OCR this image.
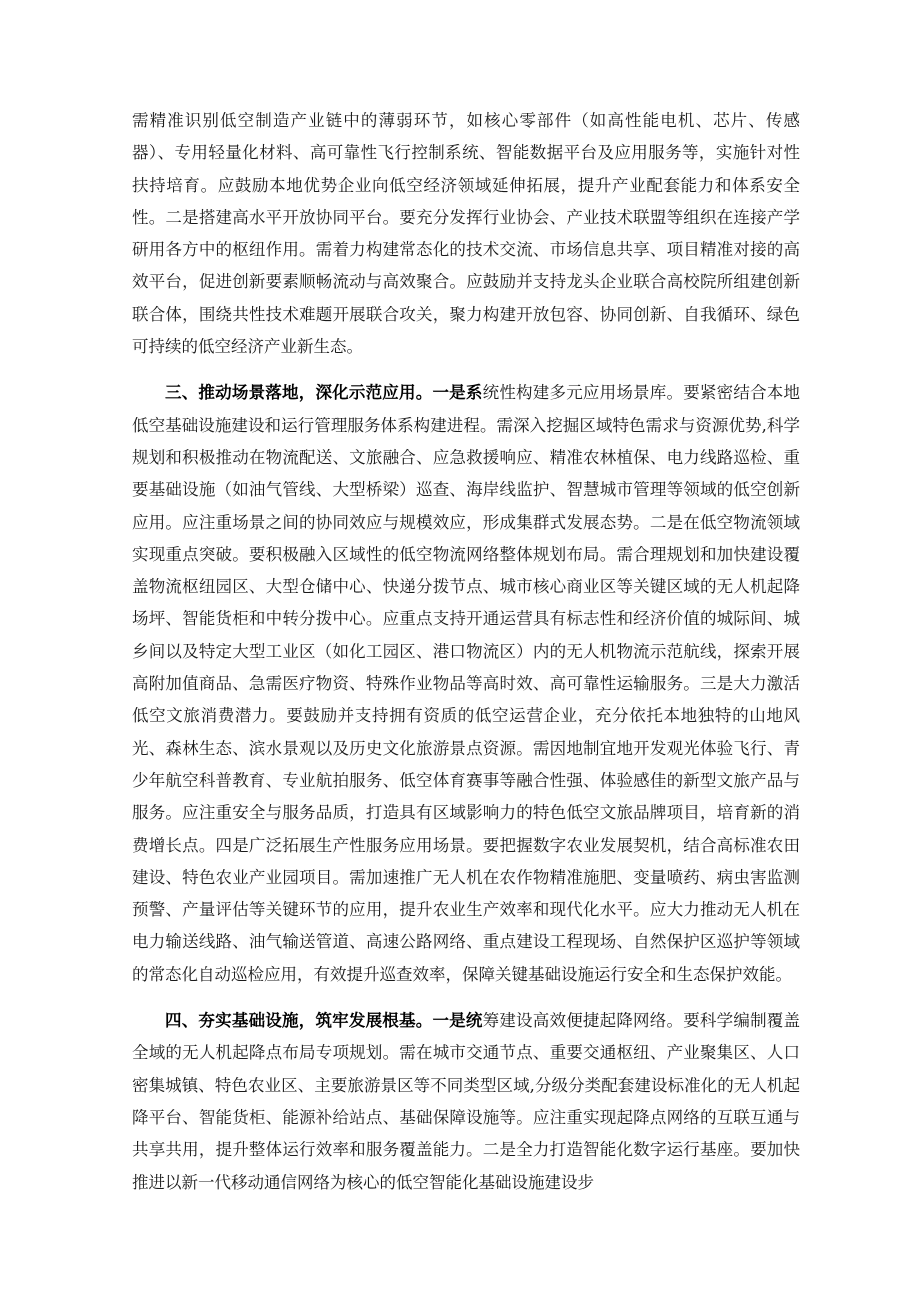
需精准识别低空制造产业链中的薄弱环节，如核心零部件（如高性能电机、芯片、传感器）、专用轻量化材料、高可靠性飞行控制系统、智能数据平台及应用服务等，实施针对性扶持培育。应鼓励本地优势企业向低空经济领域延伸拓展，提升产业配套能力和体系安全性。二是搭建高水平开放协同平台。要充分发挥行业协会、产业技术联盟等组织在连接产学研用各方中的枢纽作用。需着力构建常态化的技术交流、市场信息共享、项目精准对接的高效平台，促进创新要素顺畅流动与高效聚合。应鼓励并支持龙头企业联合高校院所组建创新联合体，围绕共性技术难题开展联合攻关，聚力构建开放包容、协同创新、自我循环、绿色可持续的低空经济产业新生态。

三、推动场景落地，深化示范应用。一是系统性构建多元应用场景库。要紧密结合本地低空基础设施建设和运行管理服务体系构建进程。需深入挖掘区域特色需求与资源优势,科学规划和积极推动在物流配送、文旅融合、应急救援响应、精准农林植保、电力线路巡检、重要基础设施（如油气管线、大型桥梁）巡查、海岸线监护、智慧城市管理等领域的低空创新应用。应注重场景之间的协同效应与规模效应，形成集群式发展态势。二是在低空物流领域实现重点突破。要积极融入区域性的低空物流网络整体规划布局。需合理规划和加快建设覆盖物流枢纽园区、大型仓储中心、快递分拨节点、城市核心商业区等关键区域的无人机起降场坪、智能货柜和中转分拨中心。应重点支持开通运营具有标志性和经济价值的城际间、城乡间以及特定大型工业区（如化工园区、港口物流区）内的无人机物流示范航线，探索开展高附加值商品、急需医疗物资、特殊作业物品等高时效、高可靠性运输服务。三是大力激活低空文旅消费潜力。要鼓励并支持拥有资质的低空运营企业，充分依托本地独特的山地风光、森林生态、滨水景观以及历史文化旅游景点资源。需因地制宜地开发观光体验飞行、青少年航空科普教育、专业航拍服务、低空体育赛事等融合性强、体验感佳的新型文旅产品与服务。应注重安全与服务品质，打造具有区域影响力的特色低空文旅品牌项目，培育新的消费增长点。四是广泛拓展生产性服务应用场景。要把握数字农业发展契机，结合高标准农田建设、特色农业产业园项目。需加速推广无人机在农作物精准施肥、变量喷药、病虫害监测预警、产量评估等关键环节的应用，提升农业生产效率和现代化水平。应大力推动无人机在电力输送线路、油气输送管道、高速公路网络、重点建设工程现场、自然保护区巡护等领域的常态化自动巡检应用，有效提升巡查效率，保障关键基础设施运行安全和生态保护效能。

四、夯实基础设施，筑牢发展根基。一是统筹建设高效便捷起降网络。要科学编制覆盖全域的无人机起降点布局专项规划。需在城市交通节点、重要交通枢纽、产业聚集区、人口密集城镇、特色农业区、主要旅游景区等不同类型区域,分级分类配套建设标准化的无人机起降平台、智能货柜、能源补给站点、基础保障设施等。应注重实现起降点网络的互联互通与共享共用，提升整体运行效率和服务覆盖能力。二是全力打造智能化数字运行基座。要加快推进以新一代移动通信网络为核心的低空智能化基础设施建设步
